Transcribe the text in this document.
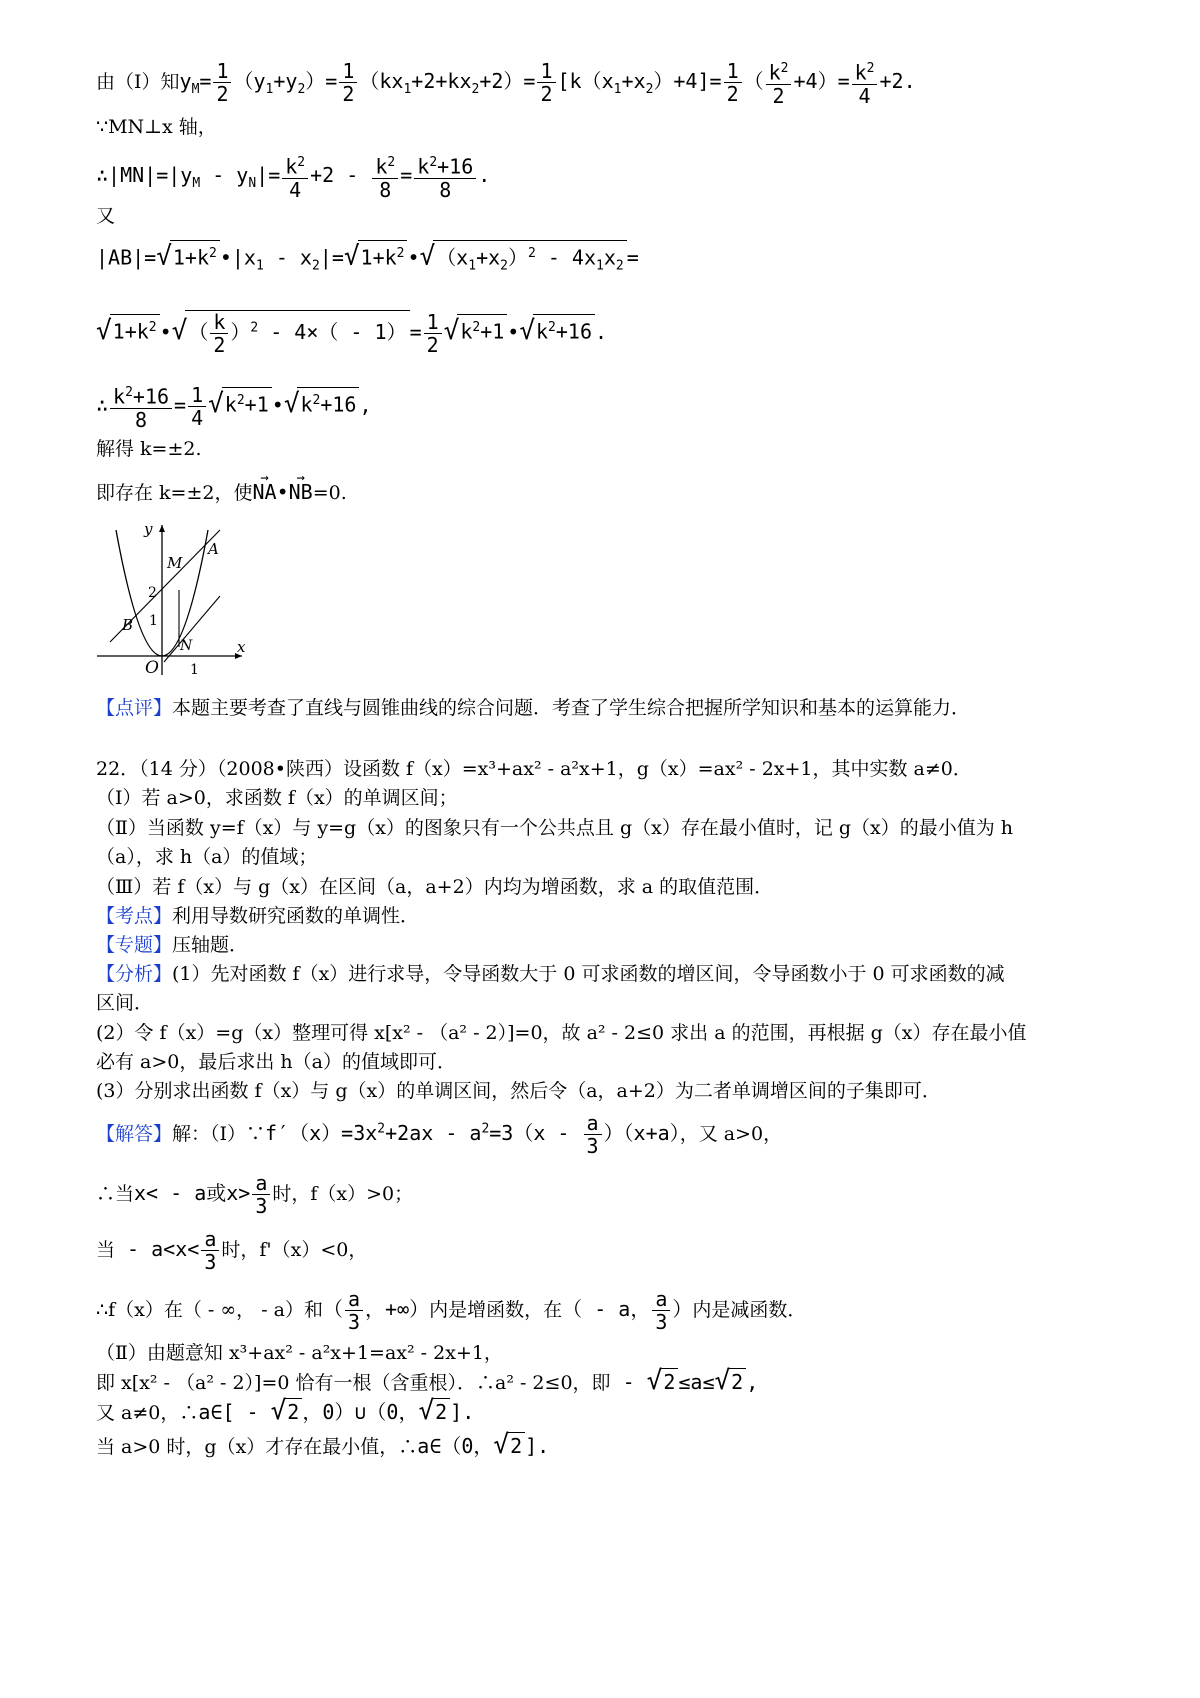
由（Ⅰ）知$y_M= \frac{1}{2} (y_1+y_2)= \frac{1}{2} (kx_1+2+kx_2+2)= \frac{1}{2} [k(x_1+x_2)+4]= \frac{1}{2}$ （ $\frac{k^2}{2} +4)= \frac{k^2}{4} +2$.
∵MN⊥x 轴，
$\therefore|MN|=|y_M - y_N|= \frac{k^2}{4} +2 - \frac{k^2}{8} = \frac{k^2+16}{8}$ .
又
$|AB|=√1+k^2$ $•|x_1 - x_2|=√1+k^2$ $•√(x_1+x_2)^2 - 4x_1x_2$ =
$√1+k^2$ •√（ $\frac{k}{2} )^2 - 4\times( - 1) = \frac{1}{2} √k^2+1$ $•√k^2+16$ .
∴ $\frac{k^2+16}{8} = \frac{1}{4} √k^2+1$ $•√k^2+16$ ,
解得 k=±2.
即存在 k=±2，使→ NA•→ NB=0.
y
x
O 1
2
1
A
B
M
N
【点评】本题主要考查了直线与圆锥曲线的综合问题．考查了学生综合把握所学知识和基本的运算能力．
22．（14 分）（2008•陕西）设函数 f（x）=x³+ax² - a²x+1，g（x）=ax² - 2x+1，其中实数 a≠0．
（Ⅰ）若 a>0，求函数 f（x）的单调区间；
（Ⅱ）当函数 y=f（x）与 y=g（x）的图象只有一个公共点且 g（x）存在最小值时，记 g（x）的最小值为 h
（a），求 h（a）的值域；
（Ⅲ）若 f（x）与 g（x）在区间（a，a+2）内均为增函数，求 a 的取值范围．
【考点】利用导数研究函数的单调性．
【专题】压轴题．
【分析】(1）先对函数 f（x）进行求导，令导函数大于 0 可求函数的增区间，令导函数小于 0 可求函数的减
区间．
(2）令 f（x）=g（x）整理可得 x[x² - （a² - 2）]=0，故 a² - 2≤0 求出 a 的范围，再根据 g（x）存在最小值
必有 a>0，最后求出 h（a）的值域即可．
(3）分别求出函数 f（x）与 g（x）的单调区间，然后令（a，a+2）为二者单调增区间的子集即可．
【解答】解：$(Ⅰ)\because f'(x)=3x^2+2ax - a^2=3(x - \frac{a}{3} )(x+a)$，又 a>0，
∴当x< - a或$x> \frac{a}{3}$ 时，f（x）>0；
当 - $a<x< \frac{a}{3}$ 时，f'（x）<0，
∴f（x）在（ - ∞， - a）和（ $\frac{a}{3}$ ，+∞）内是增函数，在（ - a， $\frac{a}{3}$ ）内是减函数．
（Ⅱ）由题意知 x³+ax² - a²x+1=ax² - 2x+1，
即 x[x² - （a² - 2）]=0 恰有一根（含重根）．∴a² - 2≤0，即 - √2 ≤a≤√2 ,
又 a≠0，∴a∈[ - √2 ，0）∪（0，√2 ].
当 a>0 时，g（x）才存在最小值，∴a∈（0，√2 ].
